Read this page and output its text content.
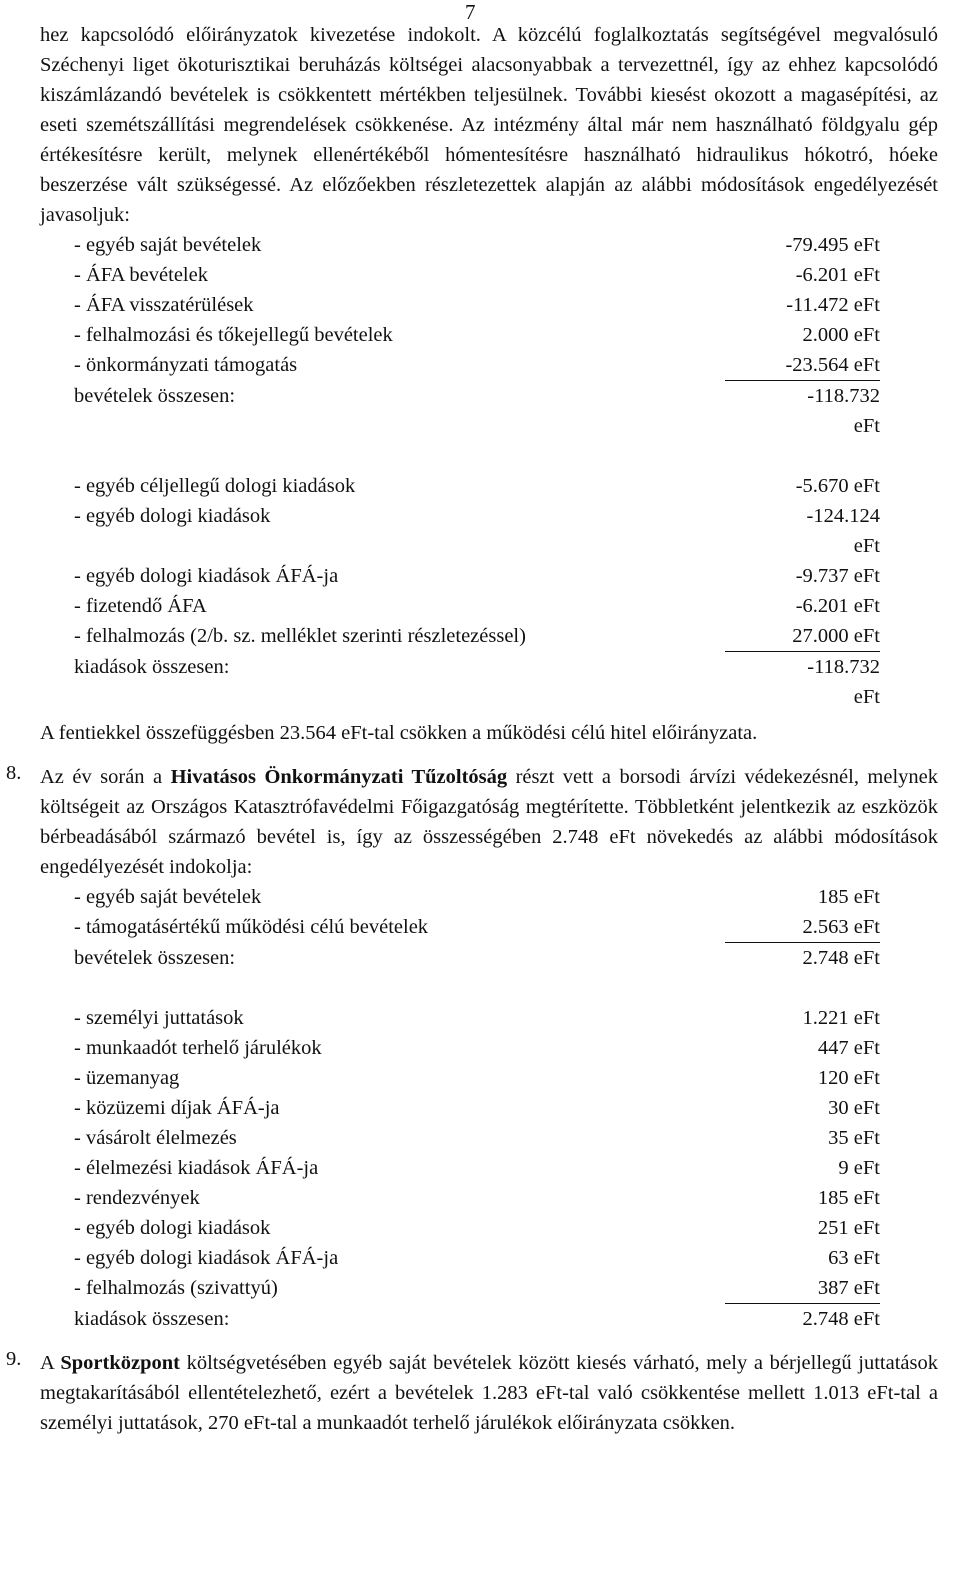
7

hez kapcsolódó előirányzatok kivezetése indokolt. A közcélú foglalkoztatás segítségével megvalósuló Széchenyi liget ökoturisztikai beruházás költségei alacsonyabbak a tervezettnél, így az ehhez kapcsolódó kiszámlázandó bevételek is csökkentett mértékben teljesülnek. További kiesést okozott a magasépítési, az eseti szemétszállítási megrendelések csökkenése. Az intézmény által már nem használható földgyalu gép értékesítésre került, melynek ellenértékéből hómentesítésre használható hidraulikus hókotró, hóeke beszerzése vált szükségessé. Az előzőekben részletezettek alapján az alábbi módosítások engedélyezését javasoljuk:

- egyéb saját bevételek	-79.495 eFt
- ÁFA bevételek	-6.201 eFt
- ÁFA visszatérülések	-11.472 eFt
- felhalmozási és tőkejellegű bevételek	2.000 eFt
- önkormányzati támogatás	-23.564 eFt
bevételek összesen:	-118.732
eFt

- egyéb céljellegű dologi kiadások	-5.670 eFt
- egyéb dologi kiadások	-124.124
eFt
- egyéb dologi kiadások ÁFÁ-ja	-9.737 eFt
- fizetendő ÁFA	-6.201 eFt
- felhalmozás (2/b. sz. melléklet szerinti részletezéssel)	27.000 eFt
kiadások összesen:	-118.732
eFt

A fentiekkel összefüggésben 23.564 eFt-tal csökken a működési célú hitel előirányzata.

8. Az év során a Hivatásos Önkormányzati Tűzoltóság részt vett a borsodi árvízi védekezésnél, melynek költségeit az Országos Katasztrófavédelmi Főigazgatóság megtérítette. Többletként jelentkezik az eszközök bérbeadásából származó bevétel is, így az összességében 2.748 eFt növekedés az alábbi módosítások engedélyezését indokolja:

- egyéb saját bevételek	185 eFt
- támogatásértékű működési célú bevételek	2.563 eFt
bevételek összesen:	2.748 eFt

- személyi juttatások	1.221 eFt
- munkaadót terhelő járulékok	447 eFt
- üzemanyag	120 eFt
- közüzemi díjak ÁFÁ-ja	30 eFt
- vásárolt élelmezés	35 eFt
- élelmezési kiadások ÁFÁ-ja	9 eFt
- rendezvények	185 eFt
- egyéb dologi kiadások	251 eFt
- egyéb dologi kiadások ÁFÁ-ja	63 eFt
- felhalmozás (szivattyú)	387 eFt
kiadások összesen:	2.748 eFt
9. A Sportközpont költségvetésében egyéb saját bevételek között kiesés várható, mely a bérjellegű juttatások megtakarításából ellentételezhető, ezért a bevételek 1.283 eFt-tal való csökkentése mellett 1.013 eFt-tal a személyi juttatások, 270 eFt-tal a munkaadót terhelő járulékok előirányzata csökken.
